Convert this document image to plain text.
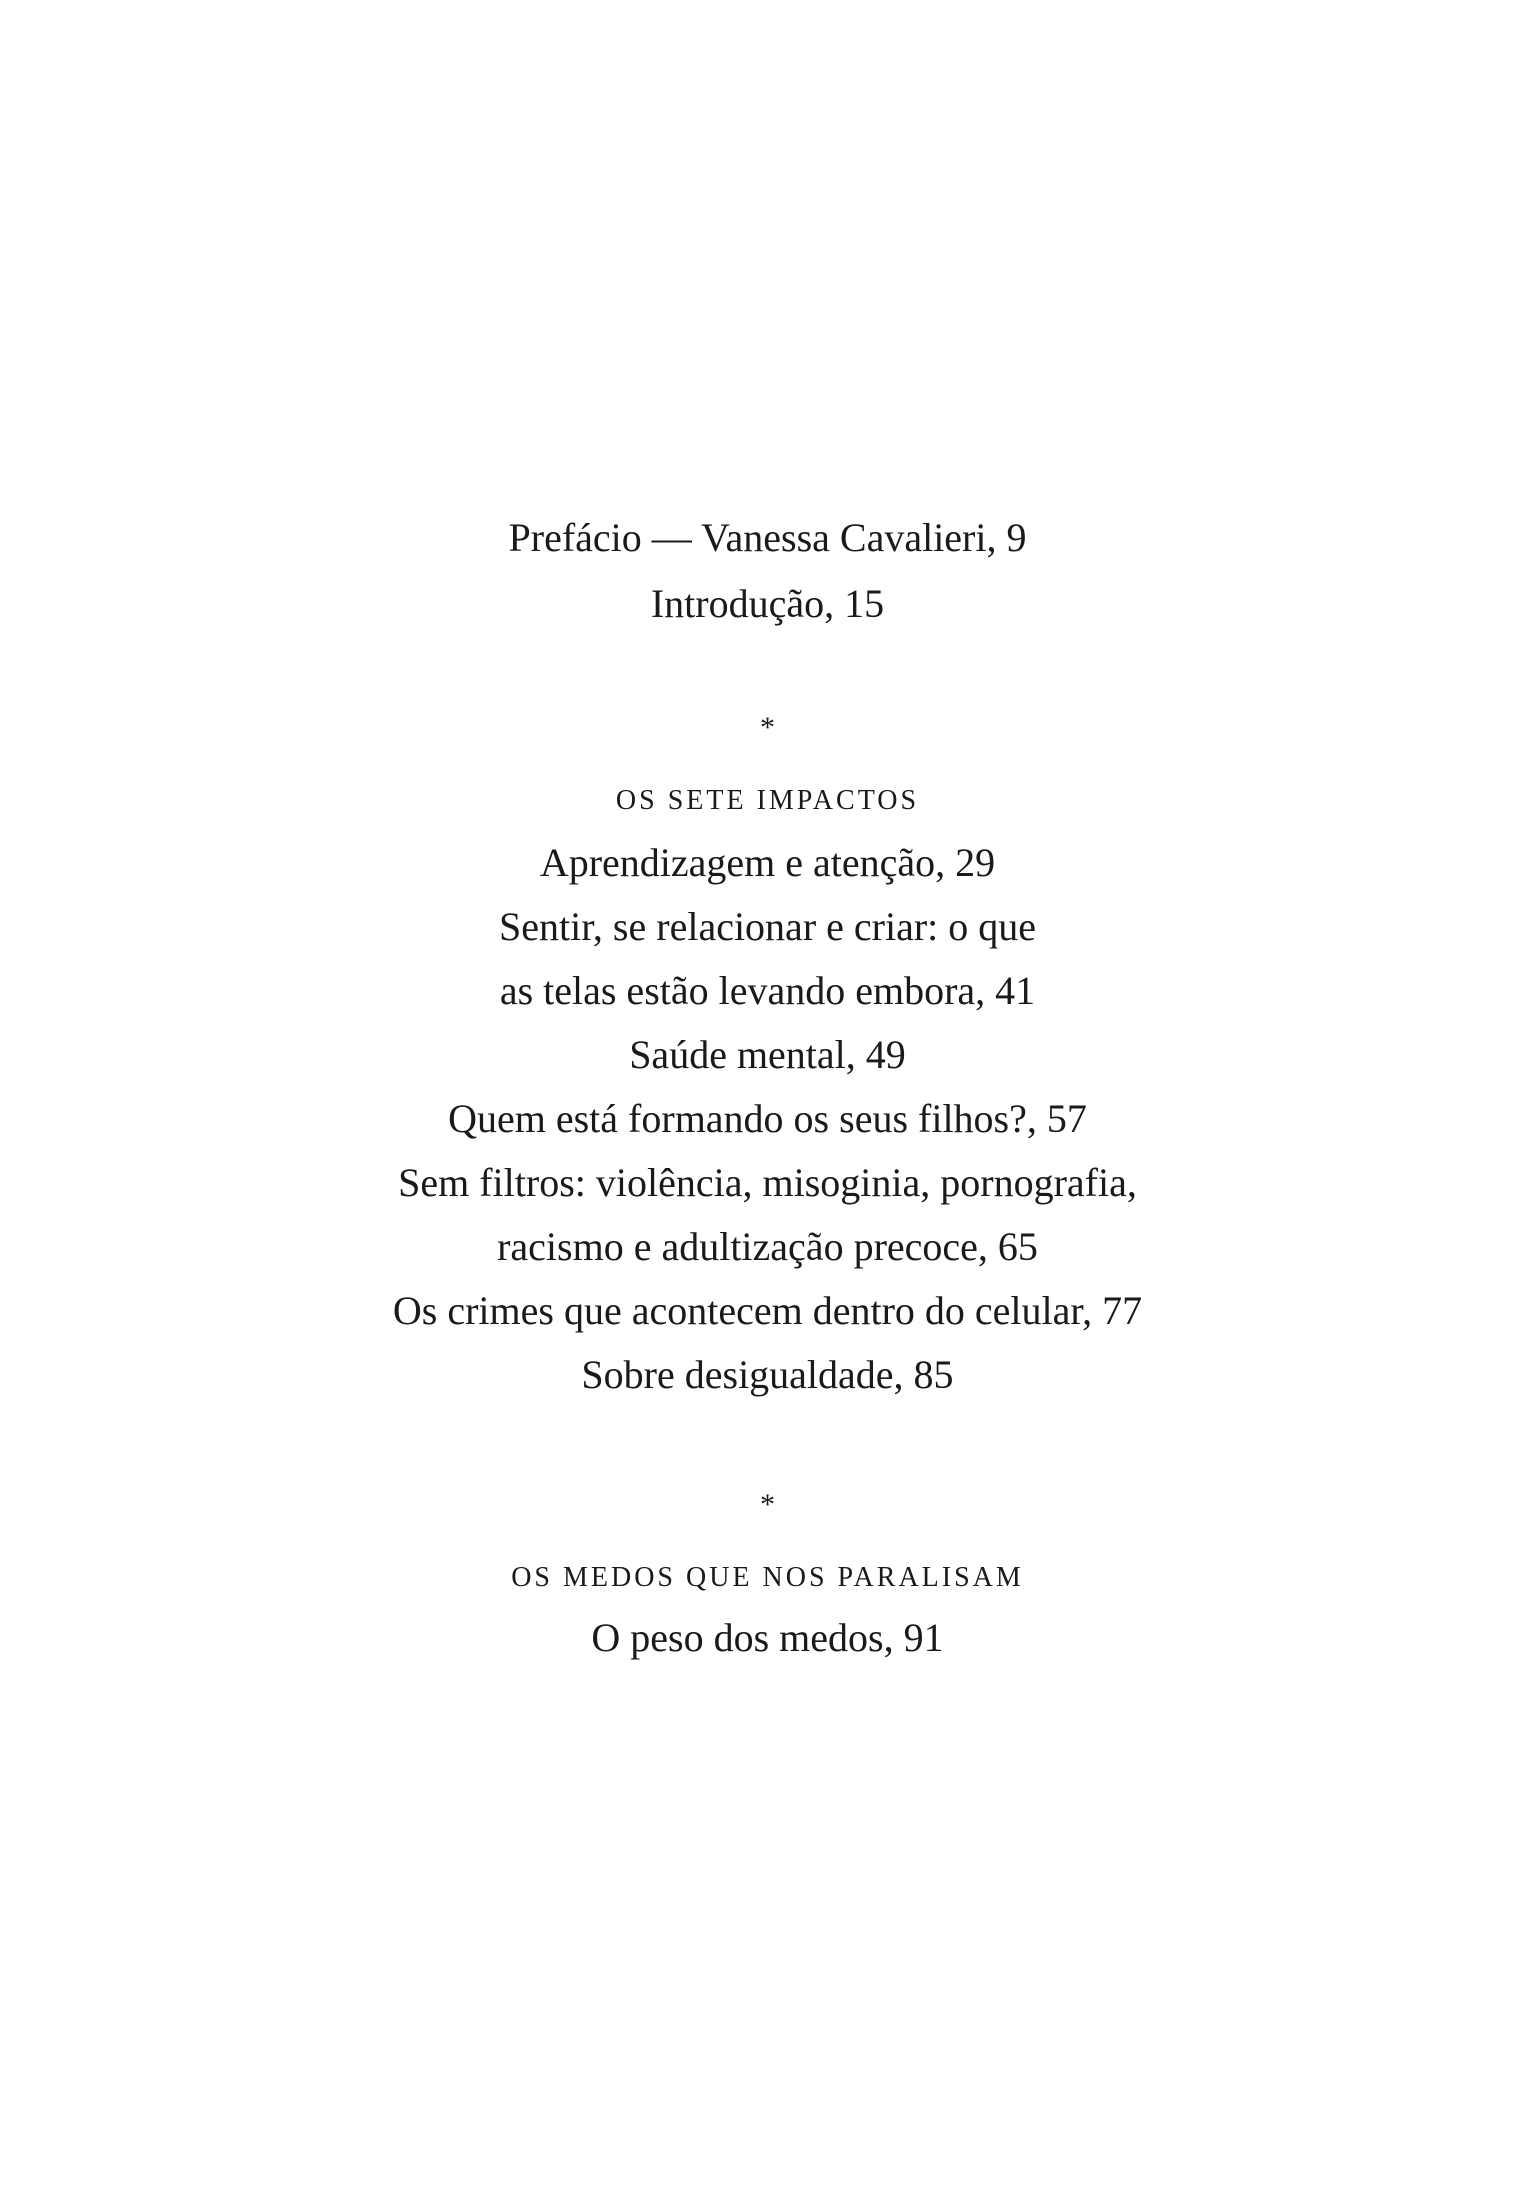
Prefácio — Vanessa Cavalieri, 9
Introdução, 15
*
OS SETE IMPACTOS
Aprendizagem e atenção, 29
Sentir, se relacionar e criar: o que
as telas estão levando embora, 41
Saúde mental, 49
Quem está formando os seus filhos?, 57
Sem filtros: violência, misoginia, pornografia,
racismo e adultização precoce, 65
Os crimes que acontecem dentro do celular, 77
Sobre desigualdade, 85
*
OS MEDOS QUE NOS PARALISAM
O peso dos medos, 91
